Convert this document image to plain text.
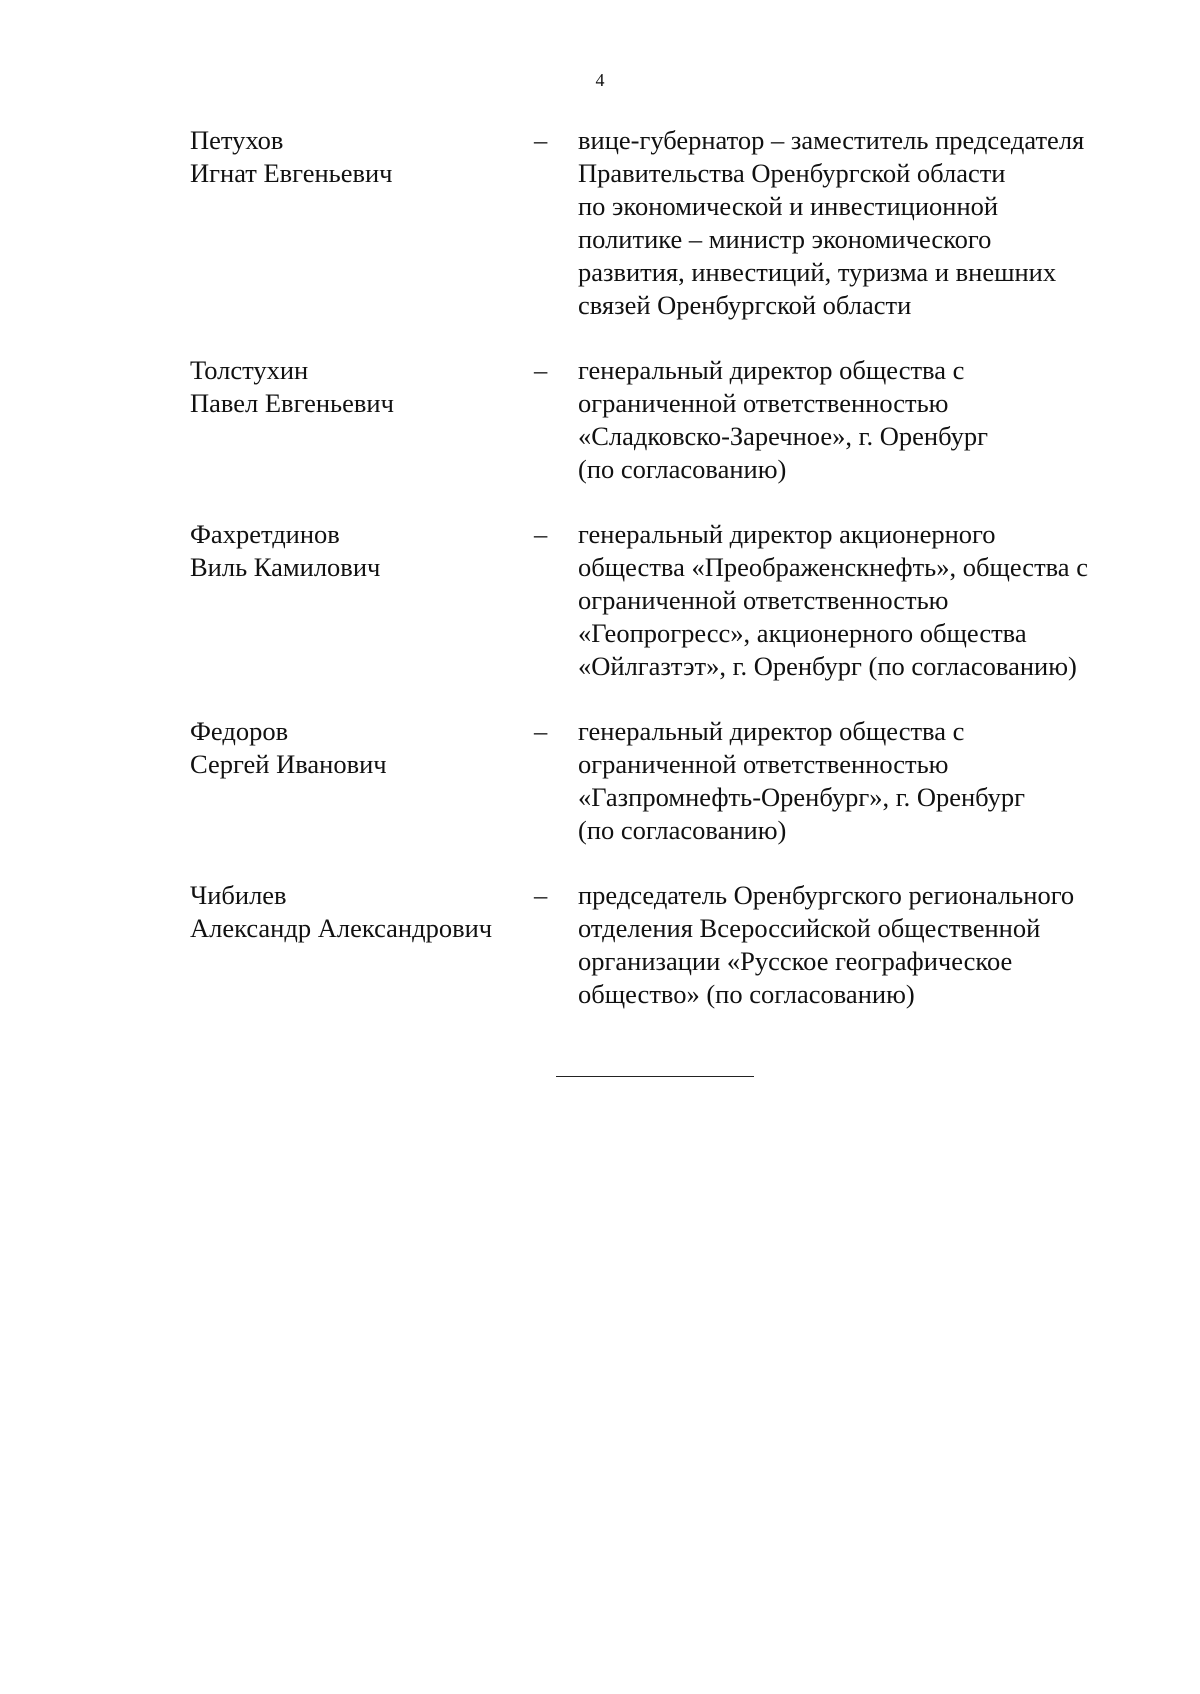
4
Петухов
Игнат Евгеньевич
– вице-губернатор – заместитель председателя
Правительства Оренбургской области
по экономической и инвестиционной
политике – министр экономического
развития, инвестиций, туризма и внешних
связей Оренбургской области
Толстухин
Павел Евгеньевич
– генеральный директор общества с
ограниченной ответственностью
«Сладковско-Заречное», г. Оренбург
(по согласованию)
Фахретдинов
Виль Камилович
– генеральный директор акционерного
общества «Преображенскнефть», общества с
ограниченной ответственностью
«Геопрогресс», акционерного общества
«Ойлгазтэт», г. Оренбург (по согласованию)
Федоров
Сергей Иванович
– генеральный директор общества с
ограниченной ответственностью
«Газпромнефть-Оренбург», г. Оренбург
(по согласованию)
Чибилев
Александр Александрович
– председатель Оренбургского регионального
отделения Всероссийской общественной
организации «Русское географическое
общество» (по согласованию)
